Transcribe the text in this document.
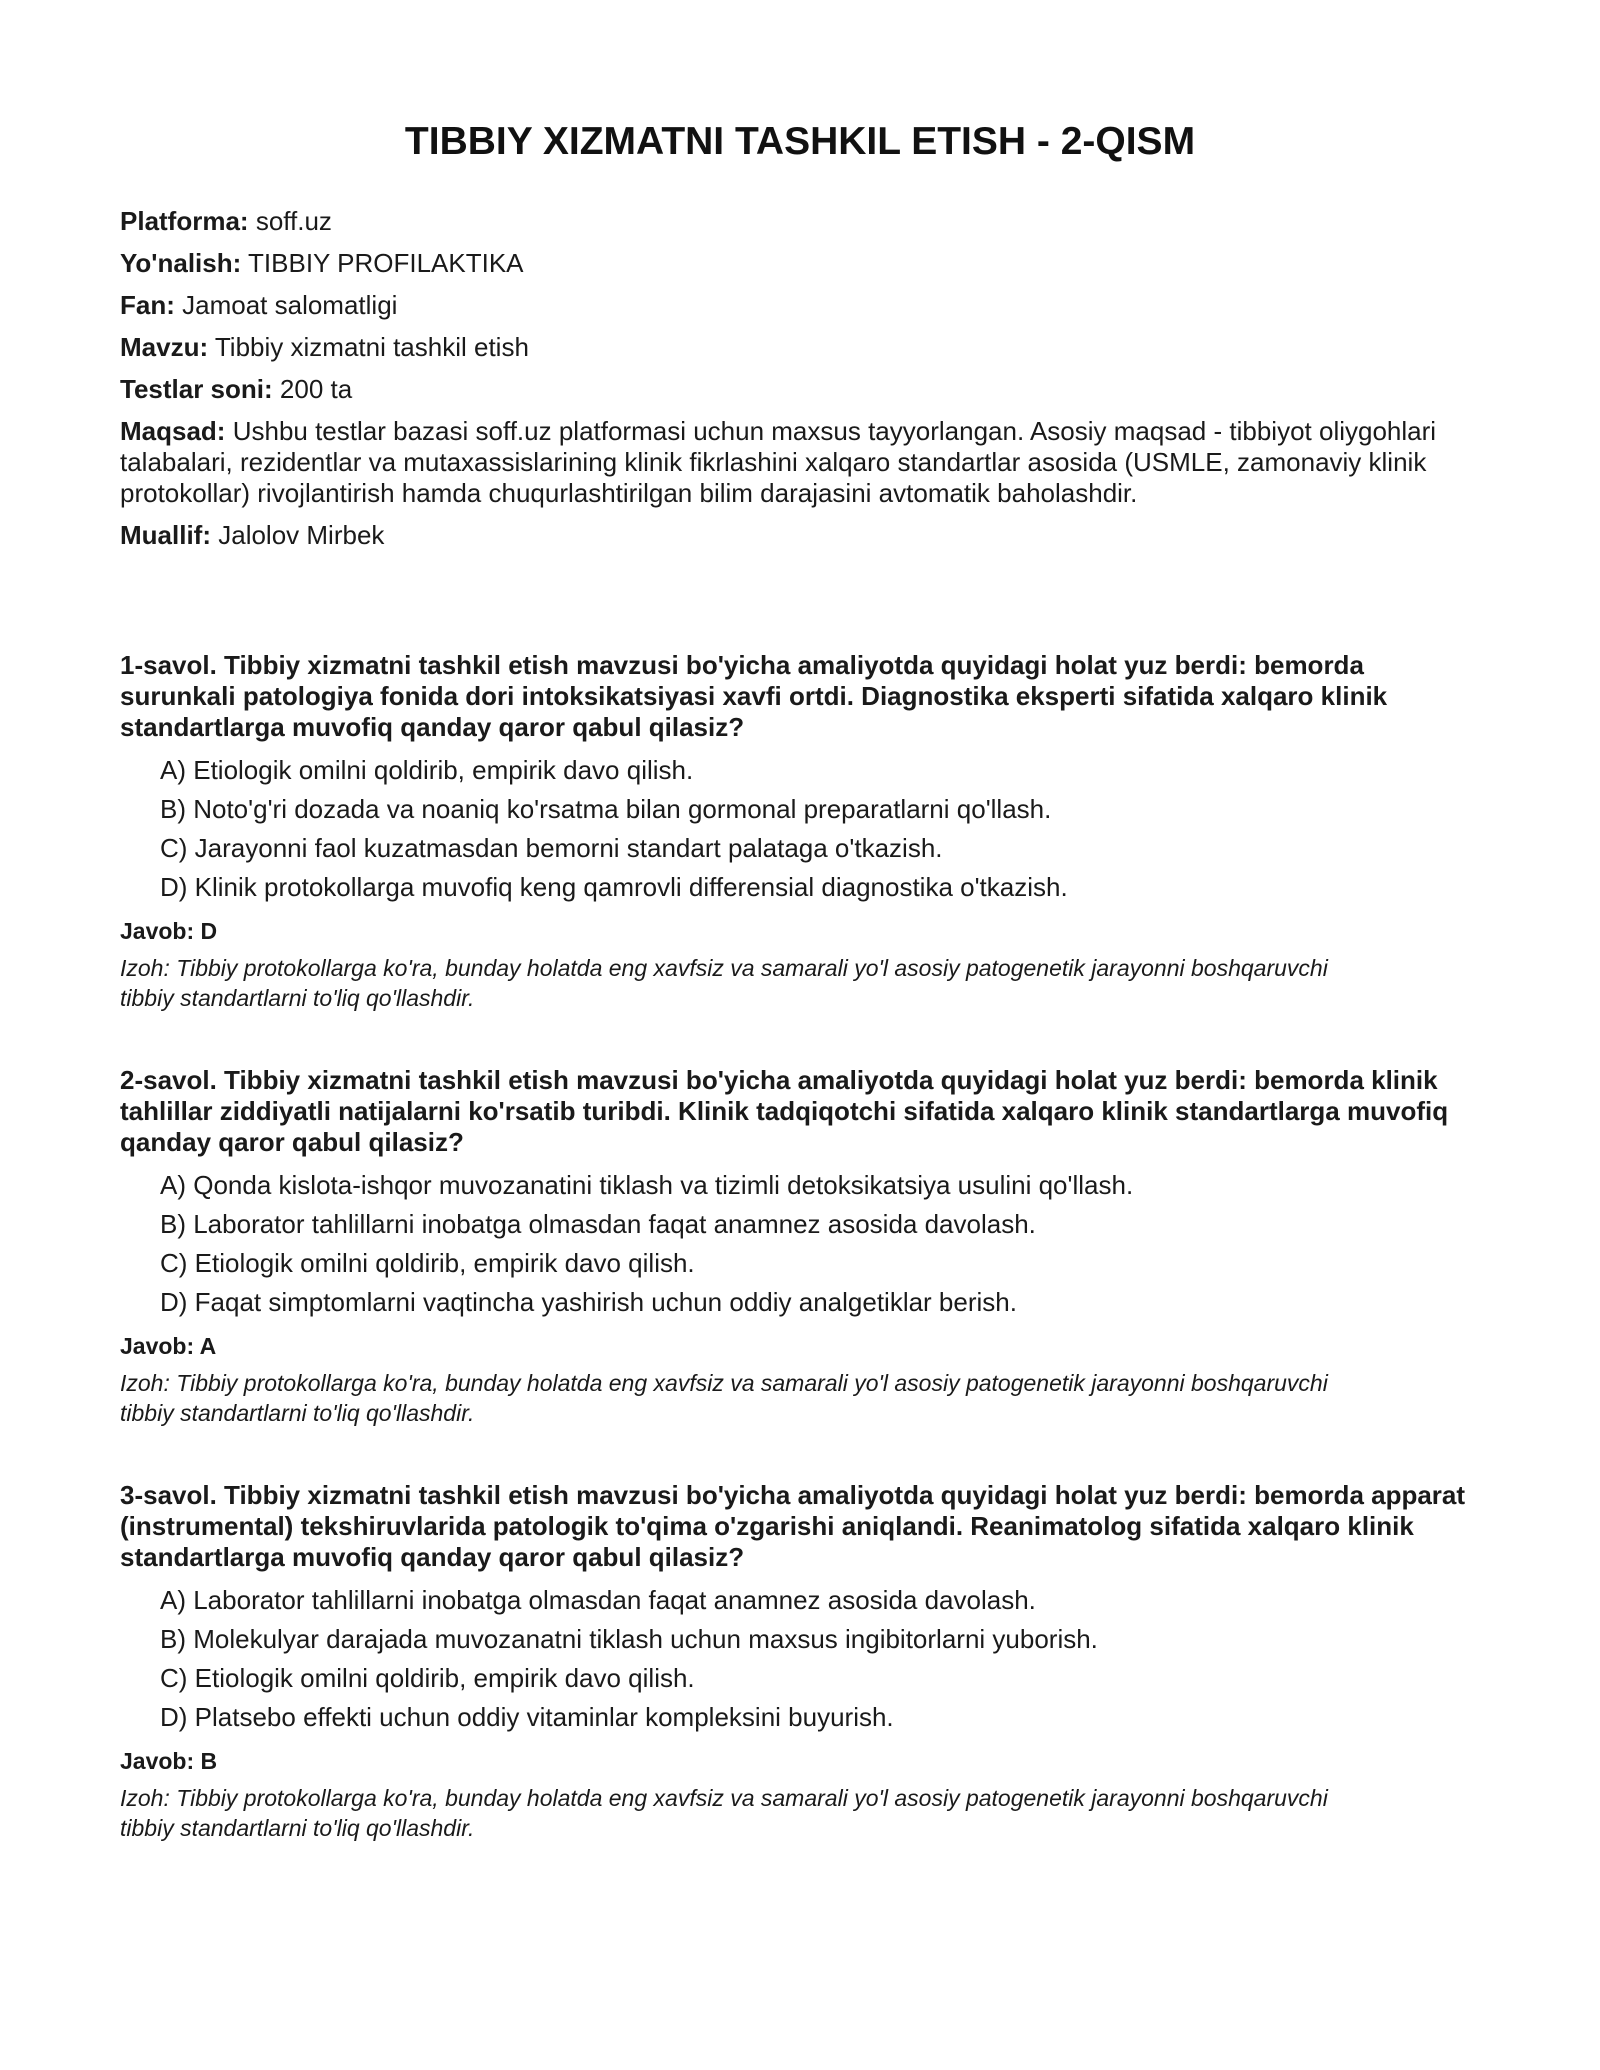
TIBBIY XIZMATNI TASHKIL ETISH - 2-QISM

Platforma: soff.uz

Yo'nalish: TIBBIY PROFILAKTIKA

Fan: Jamoat salomatligi

Mavzu: Tibbiy xizmatni tashkil etish

Testlar soni: 200 ta

Maqsad: Ushbu testlar bazasi soff.uz platformasi uchun maxsus tayyorlangan. Asosiy maqsad - tibbiyot oliygohlari talabalari, rezidentlar va mutaxassislarining klinik fikrlashini xalqaro standartlar asosida (USMLE, zamonaviy klinik protokollar) rivojlantirish hamda chuqurlashtirilgan bilim darajasini avtomatik baholashdir.

Muallif: Jalolov Mirbek

1-savol. Tibbiy xizmatni tashkil etish mavzusi bo'yicha amaliyotda quyidagi holat yuz berdi: bemorda surunkali patologiya fonida dori intoksikatsiyasi xavfi ortdi. Diagnostika eksperti sifatida xalqaro klinik standartlarga muvofiq qanday qaror qabul qilasiz?

A) Etiologik omilni qoldirib, empirik davo qilish.
B) Noto'g'ri dozada va noaniq ko'rsatma bilan gormonal preparatlarni qo'llash.
C) Jarayonni faol kuzatmasdan bemorni standart palataga o'tkazish.
D) Klinik protokollarga muvofiq keng qamrovli differensial diagnostika o'tkazish.

Javob: D

Izoh: Tibbiy protokollarga ko'ra, bunday holatda eng xavfsiz va samarali yo'l asosiy patogenetik jarayonni boshqaruvchi tibbiy standartlarni to'liq qo'llashdir.

2-savol. Tibbiy xizmatni tashkil etish mavzusi bo'yicha amaliyotda quyidagi holat yuz berdi: bemorda klinik tahlillar ziddiyatli natijalarni ko'rsatib turibdi. Klinik tadqiqotchi sifatida xalqaro klinik standartlarga muvofiq qanday qaror qabul qilasiz?

A) Qonda kislota-ishqor muvozanatini tiklash va tizimli detoksikatsiya usulini qo'llash.
B) Laborator tahlillarni inobatga olmasdan faqat anamnez asosida davolash.
C) Etiologik omilni qoldirib, empirik davo qilish.
D) Faqat simptomlarni vaqtincha yashirish uchun oddiy analgetiklar berish.

Javob: A

Izoh: Tibbiy protokollarga ko'ra, bunday holatda eng xavfsiz va samarali yo'l asosiy patogenetik jarayonni boshqaruvchi tibbiy standartlarni to'liq qo'llashdir.

3-savol. Tibbiy xizmatni tashkil etish mavzusi bo'yicha amaliyotda quyidagi holat yuz berdi: bemorda apparat (instrumental) tekshiruvlarida patologik to'qima o'zgarishi aniqlandi. Reanimatolog sifatida xalqaro klinik standartlarga muvofiq qanday qaror qabul qilasiz?

A) Laborator tahlillarni inobatga olmasdan faqat anamnez asosida davolash.
B) Molekulyar darajada muvozanatni tiklash uchun maxsus ingibitorlarni yuborish.
C) Etiologik omilni qoldirib, empirik davo qilish.
D) Platsebo effekti uchun oddiy vitaminlar kompleksini buyurish.

Javob: B

Izoh: Tibbiy protokollarga ko'ra, bunday holatda eng xavfsiz va samarali yo'l asosiy patogenetik jarayonni boshqaruvchi tibbiy standartlarni to'liq qo'llashdir.
